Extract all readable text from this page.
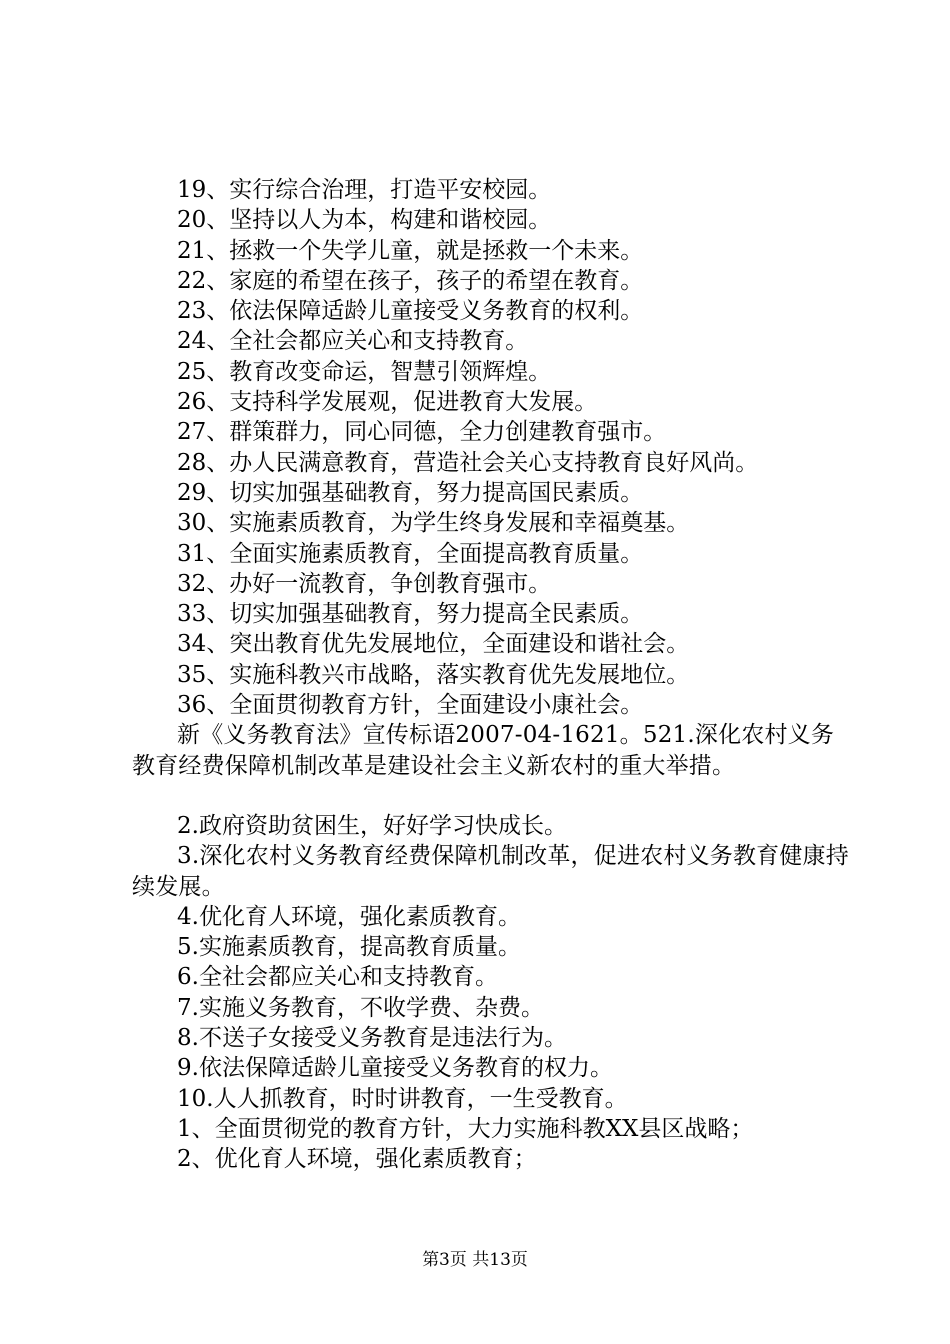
19、实行综合治理，打造平安校园。
20、坚持以人为本，构建和谐校园。
21、拯救一个失学儿童，就是拯救一个未来。
22、家庭的希望在孩子，孩子的希望在教育。
23、依法保障适龄儿童接受义务教育的权利。
24、全社会都应关心和支持教育。
25、教育改变命运，智慧引领辉煌。
26、支持科学发展观，促进教育大发展。
27、群策群力，同心同德，全力创建教育强市。
28、办人民满意教育，营造社会关心支持教育良好风尚。
29、切实加强基础教育，努力提高国民素质。
30、实施素质教育，为学生终身发展和幸福奠基。
31、全面实施素质教育，全面提高教育质量。
32、办好一流教育，争创教育强市。
33、切实加强基础教育，努力提高全民素质。
34、突出教育优先发展地位，全面建设和谐社会。
35、实施科教兴市战略，落实教育优先发展地位。
36、全面贯彻教育方针，全面建设小康社会。
新《义务教育法》宣传标语2007-04-1621。521.深化农村义务教育经费保障机制改革是建设社会主义新农村的重大举措。
2.政府资助贫困生，好好学习快成长。
3.深化农村义务教育经费保障机制改革，促进农村义务教育健康持续发展。
4.优化育人环境，强化素质教育。
5.实施素质教育，提高教育质量。
6.全社会都应关心和支持教育。
7.实施义务教育，不收学费、杂费。
8.不送子女接受义务教育是违法行为。
9.依法保障适龄儿童接受义务教育的权力。
10.人人抓教育，时时讲教育，一生受教育。
1、全面贯彻党的教育方针，大力实施科教XX县区战略；
2、优化育人环境，强化素质教育；
第3页 共13页
